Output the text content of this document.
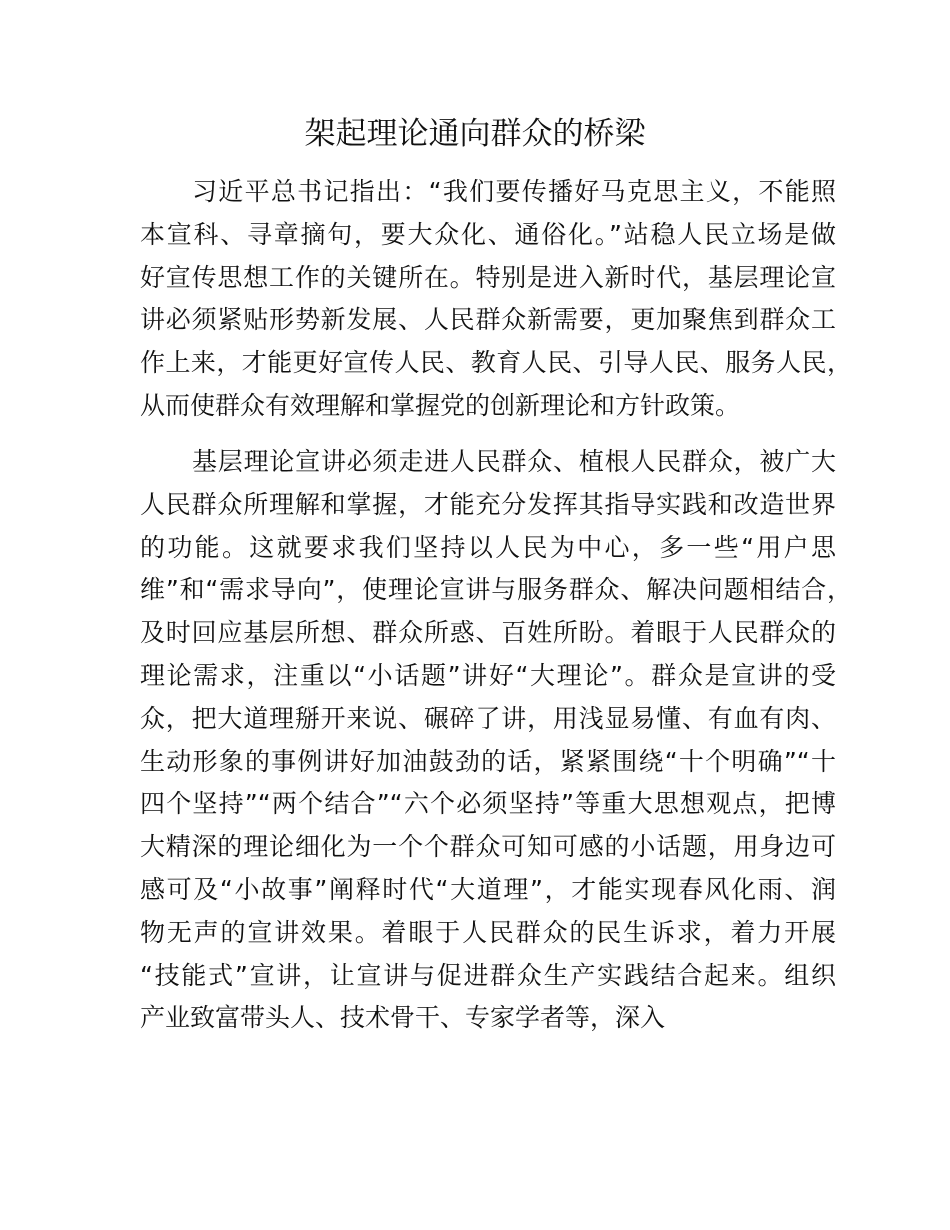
架起理论通向群众的桥梁
习近平总书记指出：“我们要传播好马克思主义，不能照
本宣科、寻章摘句，要大众化、通俗化。”站稳人民立场是做
好宣传思想工作的关键所在。特别是进入新时代，基层理论宣
讲必须紧贴形势新发展、人民群众新需要，更加聚焦到群众工
作上来，才能更好宣传人民、教育人民、引导人民、服务人民，
从而使群众有效理解和掌握党的创新理论和方针政策。
基层理论宣讲必须走进人民群众、植根人民群众，被广大
人民群众所理解和掌握，才能充分发挥其指导实践和改造世界
的功能。这就要求我们坚持以人民为中心，多一些“用户思
维”和“需求导向”，使理论宣讲与服务群众、解决问题相结合，
及时回应基层所想、群众所惑、百姓所盼。着眼于人民群众的
理论需求，注重以“小话题”讲好“大理论”。群众是宣讲的受
众，把大道理掰开来说、碾碎了讲，用浅显易懂、有血有肉、
生动形象的事例讲好加油鼓劲的话，紧紧围绕“十个明确”“十
四个坚持”“两个结合”“六个必须坚持”等重大思想观点，把博
大精深的理论细化为一个个群众可知可感的小话题，用身边可
感可及“小故事”阐释时代“大道理”，才能实现春风化雨、润
物无声的宣讲效果。着眼于人民群众的民生诉求，着力开展
“技能式”宣讲，让宣讲与促进群众生产实践结合起来。组织
产业致富带头人、技术骨干、专家学者等，深入
